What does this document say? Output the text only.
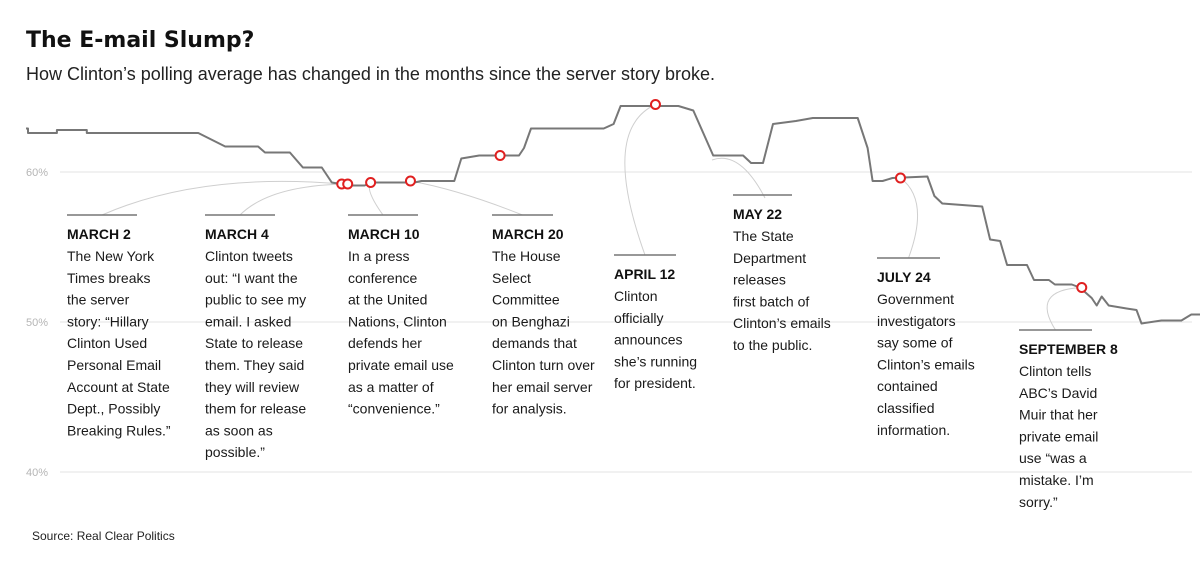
The E-mail Slump?
How Clinton’s polling average has changed in the months since the server story broke.
40%
50%
60%
MARCH 2
The New York
Times breaks
the server
story: “Hillary
Clinton Used
Personal Email
Account at State
Dept., Possibly
Breaking Rules.”
MARCH 4
Clinton tweets
out: “I want the
public to see my
email. I asked
State to release
them. They said
they will review
them for release
as soon as
possible.”
MARCH 10
In a press
conference
at the United
Nations, Clinton
defends her
private email use
as a matter of
“convenience.”
MARCH 20
The House
Select
Committee
on Benghazi
demands that
Clinton turn over
her email server
for analysis.
APRIL 12
Clinton
officially
announces
she’s running
for president.
MAY 22
The State
Department
releases
first batch of
Clinton’s emails
to the public.
JULY 24
Government
investigators
say some of
Clinton’s emails
contained
classified
information.
SEPTEMBER 8
Clinton tells
ABC’s David
Muir that her
private email
use “was a
mistake. I’m
sorry.”
Source: Real Clear Politics
